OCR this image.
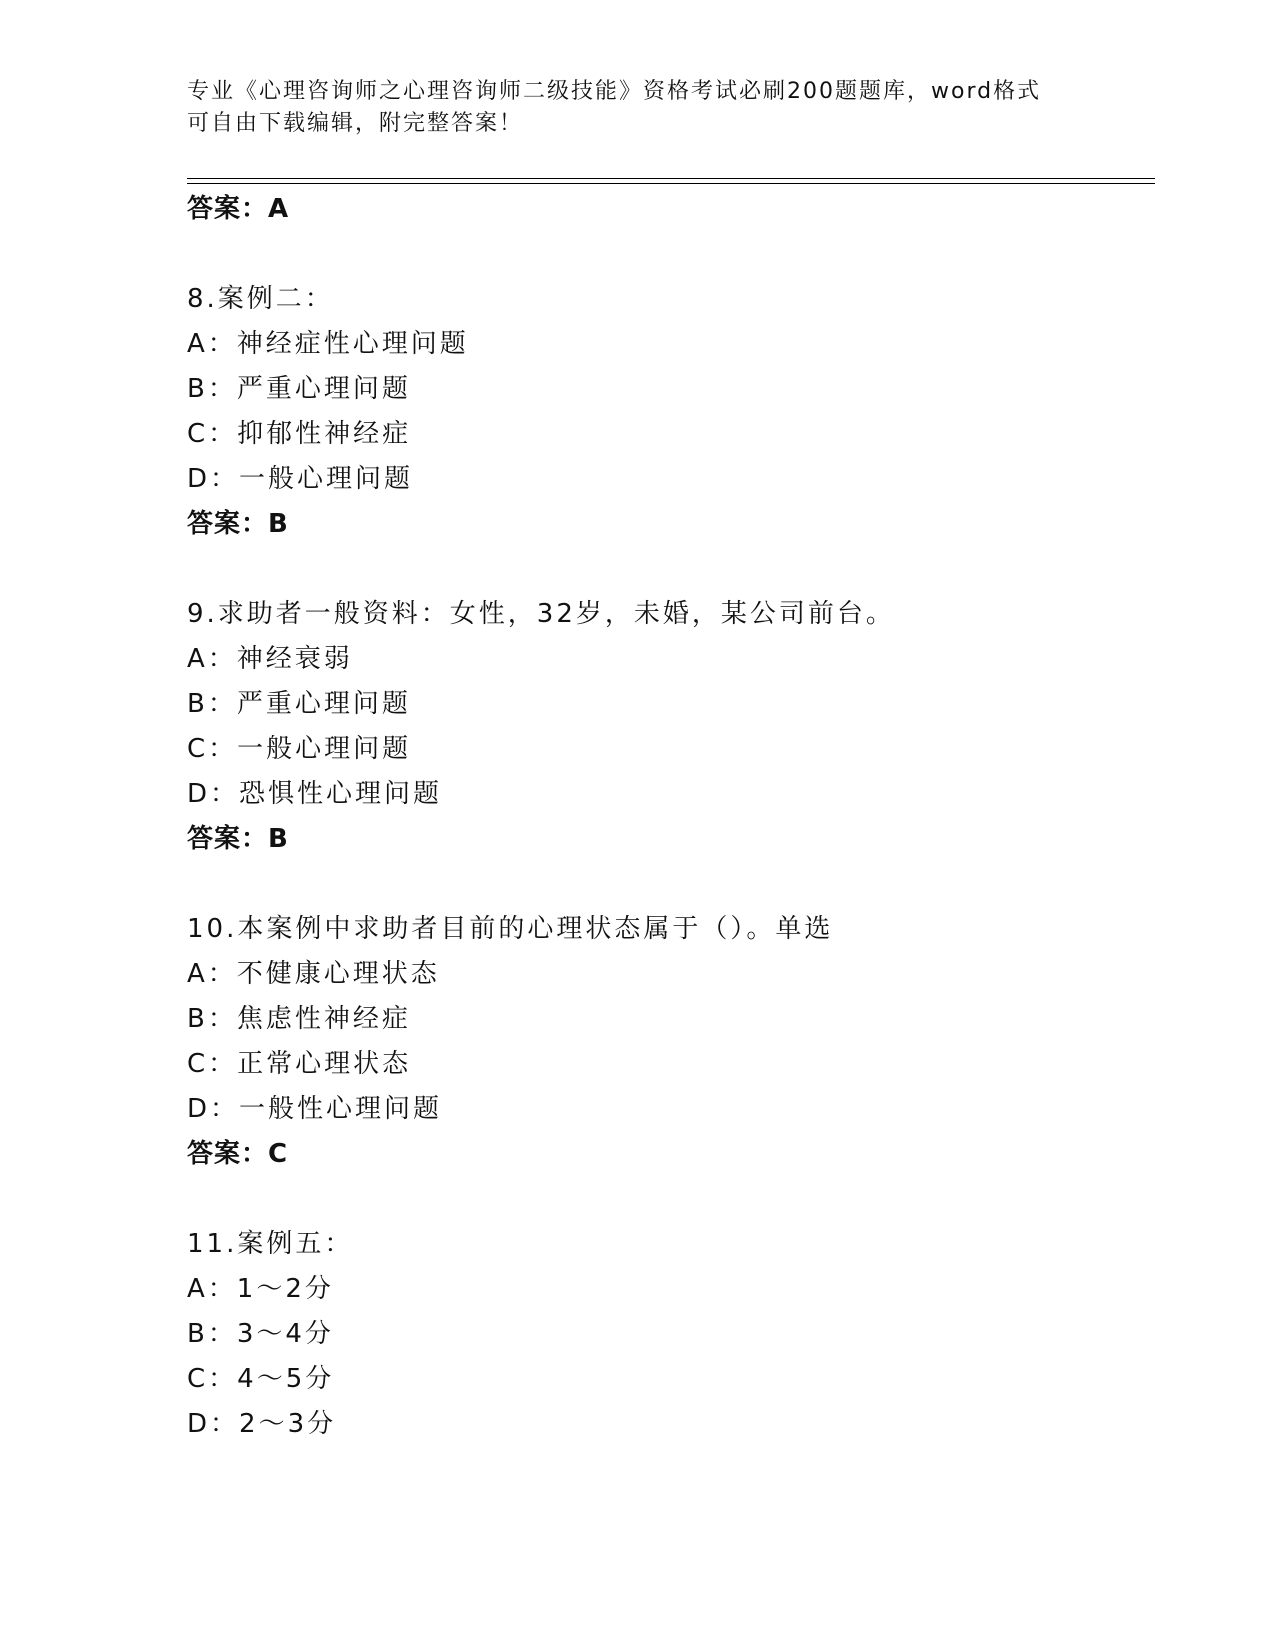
专业《心理咨询师之心理咨询师二级技能》资格考试必刷200题题库，word格式
可自由下载编辑，附完整答案！
答案：A
8.案例二：
A：神经症性心理问题
B：严重心理问题
C：抑郁性神经症
D：一般心理问题
答案：B
9.求助者一般资料：女性，32岁，未婚，某公司前台。
A：神经衰弱
B：严重心理问题
C：一般心理问题
D：恐惧性心理问题
答案：B
10.本案例中求助者目前的心理状态属于（）。单选
A：不健康心理状态
B：焦虑性神经症
C：正常心理状态
D：一般性心理问题
答案：C
11.案例五：
A：1～2分
B：3～4分
C：4～5分
D：2～3分
